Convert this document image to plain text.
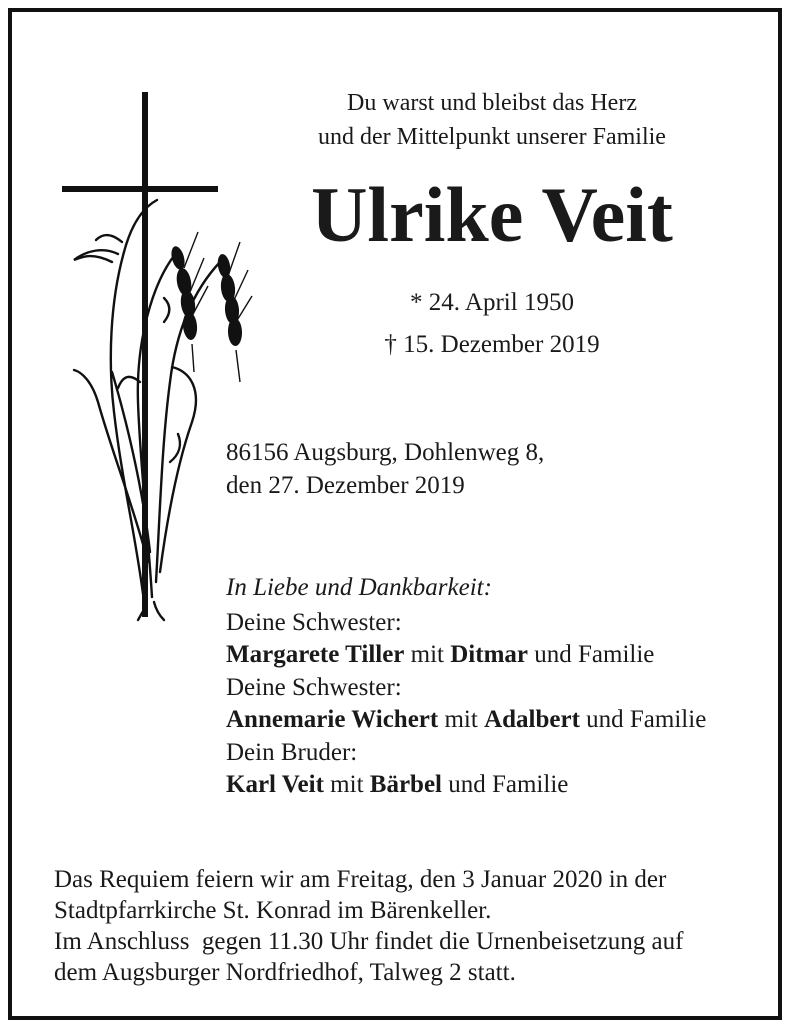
Du warst und bleibst das Herz
und der Mittelpunkt unserer Familie
Ulrike Veit
* 24. April 1950
† 15. Dezember 2019
86156 Augsburg, Dohlenweg 8,
den 27. Dezember 2019
In Liebe und Dankbarkeit:
Deine Schwester:
Margarete Tiller mit Ditmar und Familie
Deine Schwester:
Annemarie Wichert mit Adalbert und Familie
Dein Bruder:
Karl Veit mit Bärbel und Familie
Das Requiem feiern wir am Freitag, den 3 Januar 2020 in der
Stadtpfarrkirche St. Konrad im Bärenkeller.
Im Anschluss  gegen 11.30 Uhr findet die Urnenbeisetzung auf
dem Augsburger Nordfriedhof, Talweg 2 statt.
